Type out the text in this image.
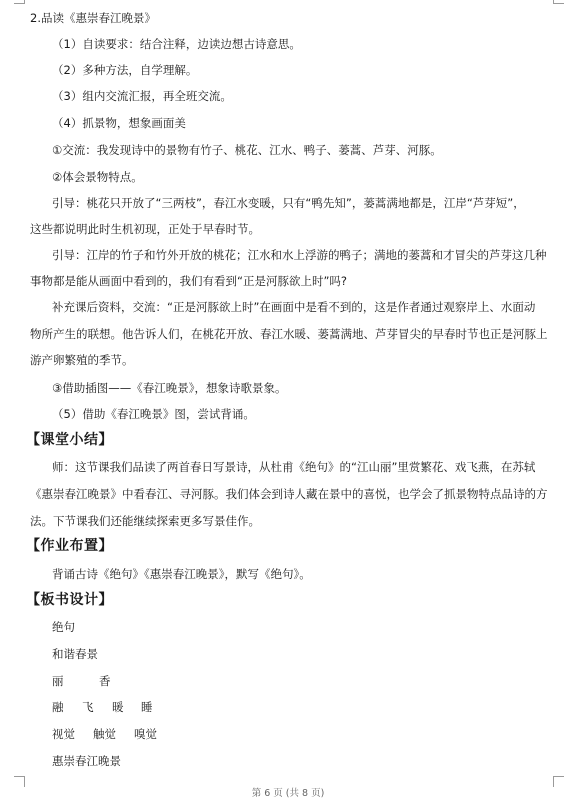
2.品读《惠崇春江晚景》
（1）自读要求：结合注释，边读边想古诗意思。
（2）多种方法，自学理解。
（3）组内交流汇报，再全班交流。
（4）抓景物，想象画面美
①交流：我发现诗中的景物有竹子、桃花、江水、鸭子、蒌蒿、芦芽、河豚。
②体会景物特点。
引导：桃花只开放了“三两枝”，春江水变暖，只有“鸭先知”，蒌蒿满地都是，江岸“芦芽短”，
这些都说明此时生机初现，正处于早春时节。
引导：江岸的竹子和竹外开放的桃花；江水和水上浮游的鸭子；满地的蒌蒿和才冒尖的芦芽这几种
事物都是能从画面中看到的，我们有看到“正是河豚欲上时”吗?
补充课后资料，交流：“正是河豚欲上时”在画面中是看不到的，这是作者通过观察岸上、水面动
物所产生的联想。他告诉人们，在桃花开放、春江水暖、蒌蒿满地、芦芽冒尖的早春时节也正是河豚上
游产卵繁殖的季节。
③借助插图——《春江晚景》，想象诗歌景象。
（5）借助《春江晚景》图，尝试背诵。
【课堂小结】
师：这节课我们品读了两首春日写景诗，从杜甫《绝句》的“江山丽”里赏繁花、戏飞燕，在苏轼
《惠崇春江晚景》中看春江、寻河豚。我们体会到诗人藏在景中的喜悦，也学会了抓景物特点品诗的方
法。下节课我们还能继续探索更多写景佳作。
【作业布置】
背诵古诗《绝句》《惠崇春江晚景》，默写《绝句》。
【板书设计】
绝句
和谐春景
丽	香
融 飞 暖 睡
视觉 触觉 嗅觉
惠崇春江晚景
第 6 页 (共 8 页)
